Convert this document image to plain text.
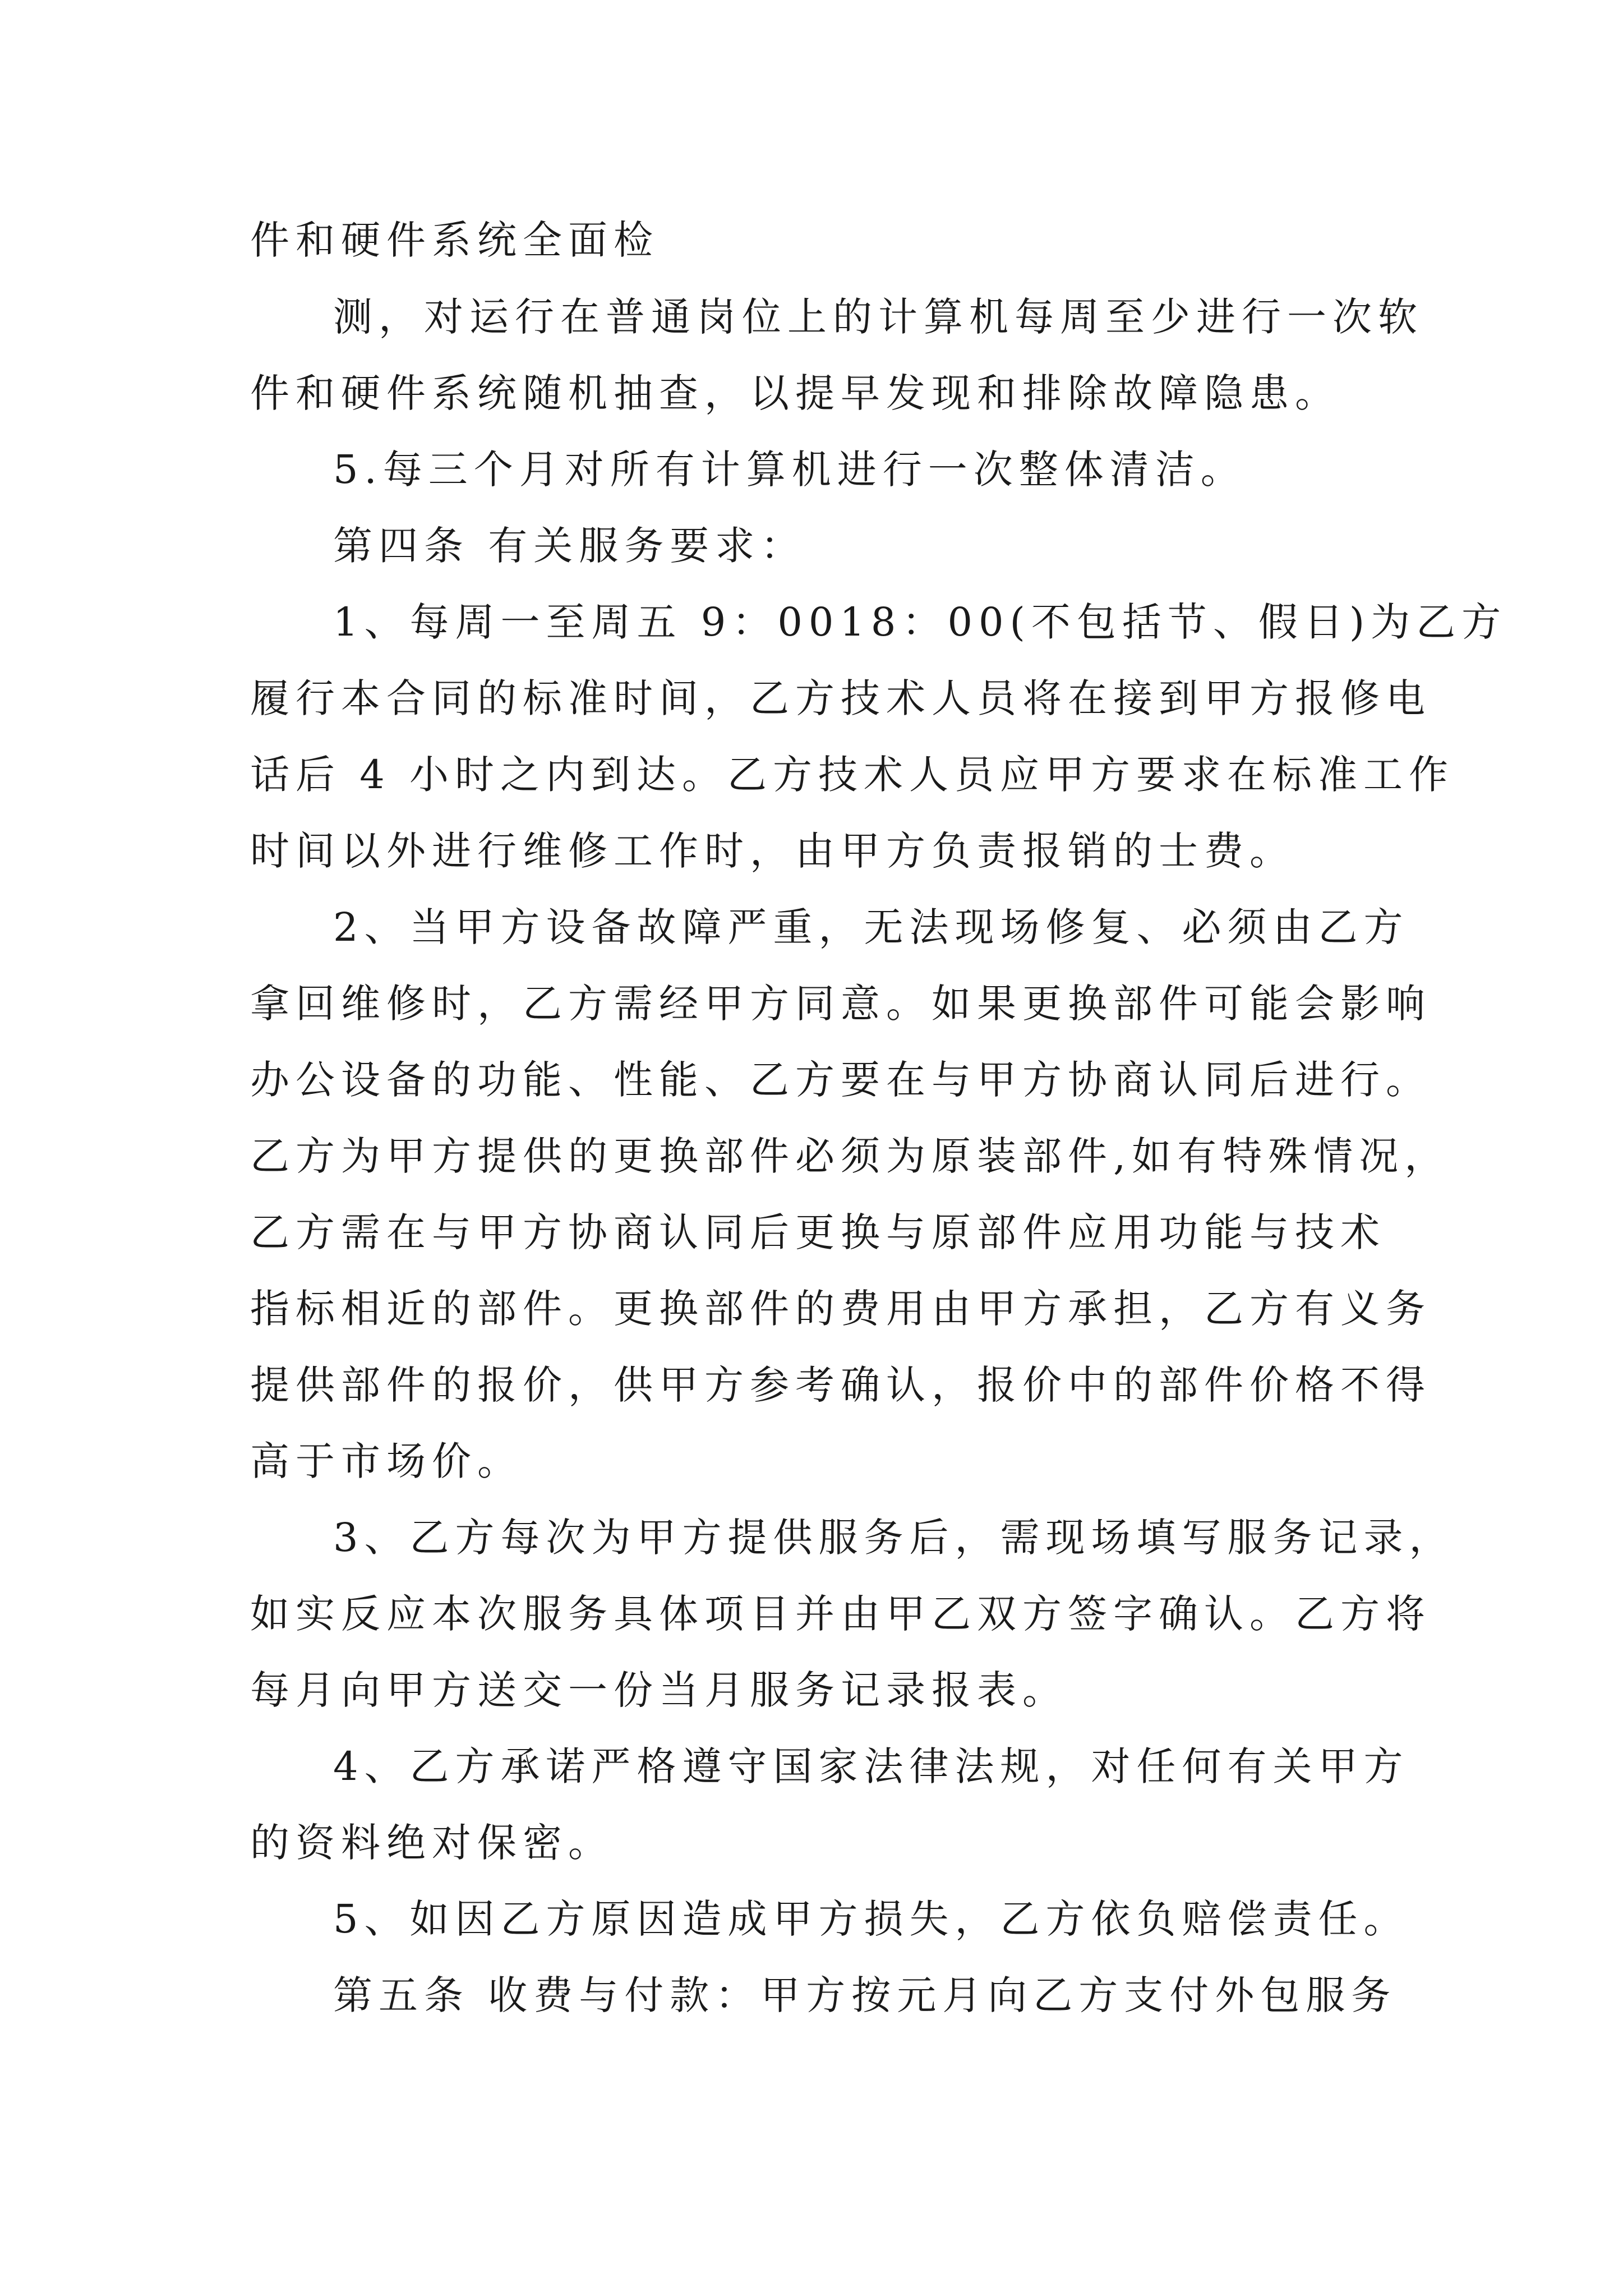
件和硬件系统全面检
测，对运行在普通岗位上的计算机每周至少进行一次软
件和硬件系统随机抽查，以提早发现和排除故障隐患。
5.每三个月对所有计算机进行一次整体清洁。
第四条 有关服务要求：
1、每周一至周五 9：0018：00(不包括节、假日)为乙方
履行本合同的标准时间，乙方技术人员将在接到甲方报修电
话后 4 小时之内到达。乙方技术人员应甲方要求在标准工作
时间以外进行维修工作时，由甲方负责报销的士费。
2、当甲方设备故障严重，无法现场修复、必须由乙方
拿回维修时，乙方需经甲方同意。如果更换部件可能会影响
办公设备的功能、性能、乙方要在与甲方协商认同后进行。
乙方为甲方提供的更换部件必须为原装部件,如有特殊情况，
乙方需在与甲方协商认同后更换与原部件应用功能与技术
指标相近的部件。更换部件的费用由甲方承担，乙方有义务
提供部件的报价，供甲方参考确认，报价中的部件价格不得
高于市场价。
3、乙方每次为甲方提供服务后，需现场填写服务记录，
如实反应本次服务具体项目并由甲乙双方签字确认。乙方将
每月向甲方送交一份当月服务记录报表。
4、乙方承诺严格遵守国家法律法规，对任何有关甲方
的资料绝对保密。
5、如因乙方原因造成甲方损失，乙方依负赔偿责任。
第五条 收费与付款：甲方按元月向乙方支付外包服务
